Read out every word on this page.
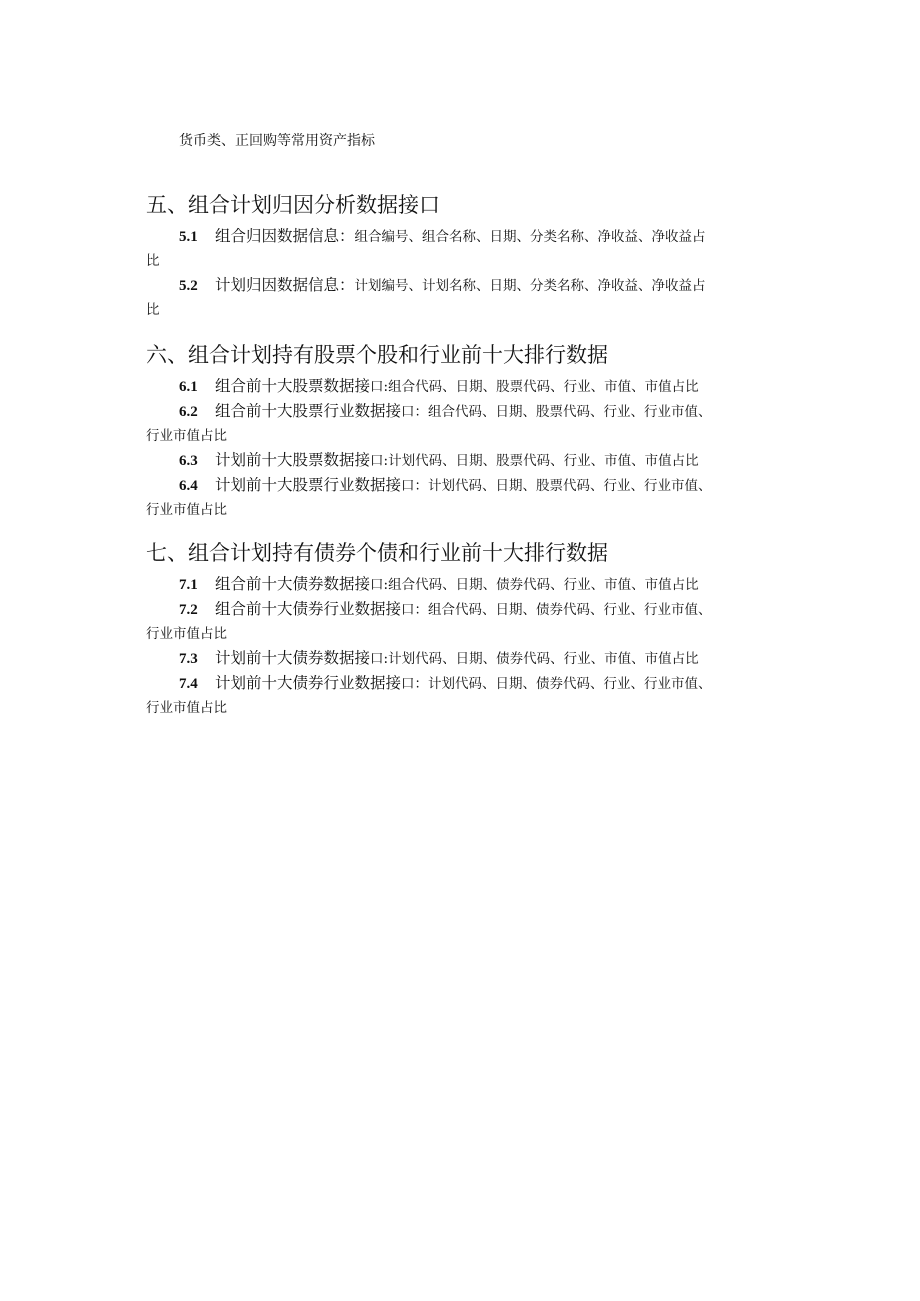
货币类、正回购等常用资产指标
五、组合计划归因分析数据接口
5.1 组合归因数据信息：组合编号、组合名称、日期、分类名称、净收益、净收益占
比
5.2 计划归因数据信息：计划编号、计划名称、日期、分类名称、净收益、净收益占
比
六、组合计划持有股票个股和行业前十大排行数据
6.1 组合前十大股票数据接口:组合代码、日期、股票代码、行业、市值、市值占比
6.2 组合前十大股票行业数据接口：组合代码、日期、股票代码、行业、行业市值、
行业市值占比
6.3 计划前十大股票数据接口:计划代码、日期、股票代码、行业、市值、市值占比
6.4 计划前十大股票行业数据接口：计划代码、日期、股票代码、行业、行业市值、
行业市值占比
七、组合计划持有债券个债和行业前十大排行数据
7.1 组合前十大债券数据接口:组合代码、日期、债券代码、行业、市值、市值占比
7.2 组合前十大债券行业数据接口：组合代码、日期、债券代码、行业、行业市值、
行业市值占比
7.3 计划前十大债券数据接口:计划代码、日期、债券代码、行业、市值、市值占比
7.4 计划前十大债券行业数据接口：计划代码、日期、债券代码、行业、行业市值、
行业市值占比
